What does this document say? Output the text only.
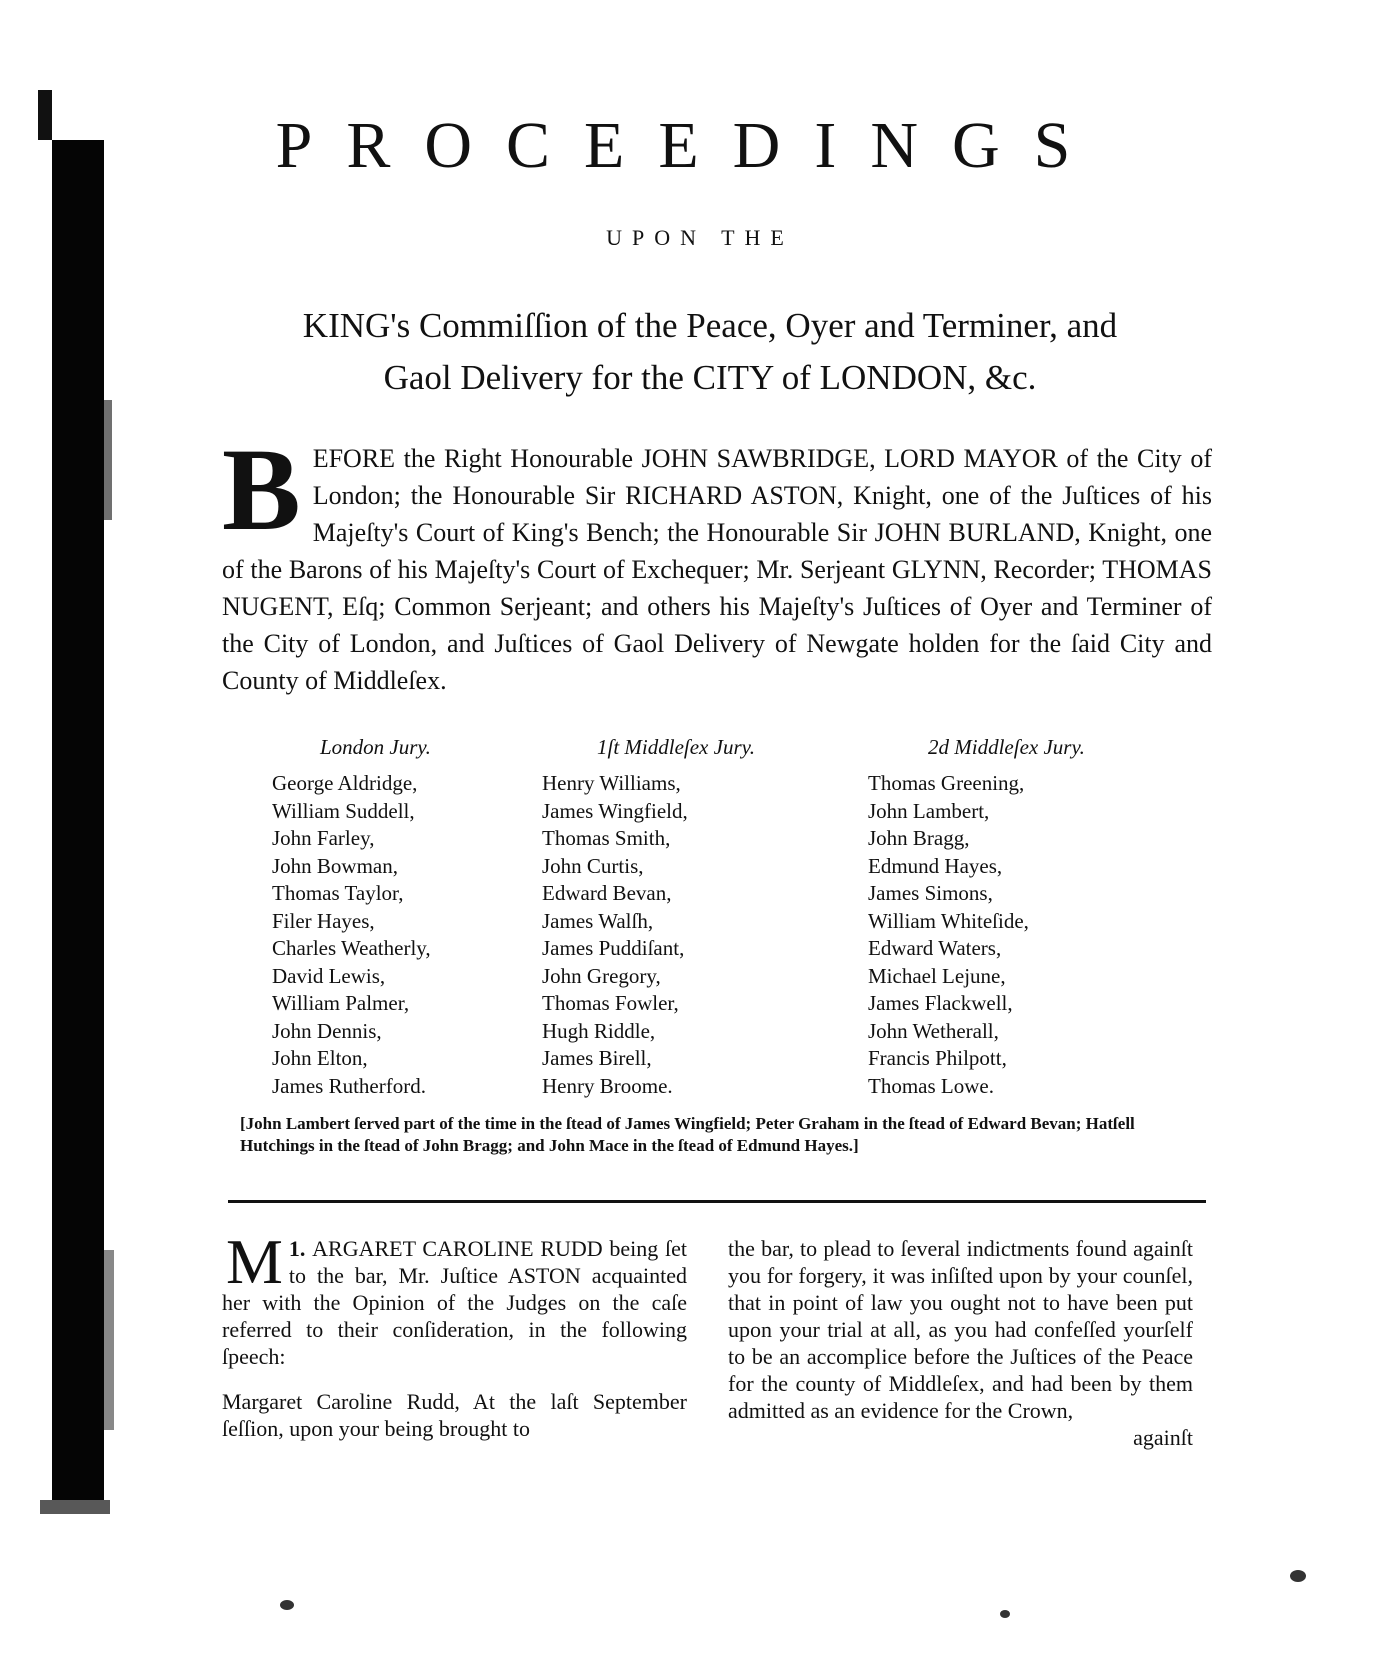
PROCEEDINGS

UPON THE

KING's Commiſſion of the Peace, Oyer and Terminer, and
Gaol Delivery for the CITY of LONDON, &c.

BEFORE the Right Honourable JOHN SAWBRIDGE, LORD MAYOR of the City of London; the Honourable Sir RICHARD ASTON, Knight, one of the Juſtices of his Majeſty's Court of King's Bench; the Honourable Sir JOHN BURLAND, Knight, one of the Barons of his Majeſty's Court of Exchequer; Mr. Serjeant GLYNN, Recorder; THOMAS NUGENT, Eſq; Common Serjeant; and others his Majeſty's Juſtices of Oyer and Terminer of the City of London, and Juſtices of Gaol Delivery of Newgate holden for the ſaid City and County of Middleſex.

London Jury.

George Aldridge,
William Suddell,
John Farley,
John Bowman,
Thomas Taylor,
Filer Hayes,
Charles Weatherly,
David Lewis,
William Palmer,
John Dennis,
John Elton,
James Rutherford.

1ſt Middleſex Jury.

Henry Williams,
James Wingfield,
Thomas Smith,
John Curtis,
Edward Bevan,
James Walſh,
James Puddiſant,
John Gregory,
Thomas Fowler,
Hugh Riddle,
James Birell,
Henry Broome.

2d Middleſex Jury.

Thomas Greening,
John Lambert,
John Bragg,
Edmund Hayes,
James Simons,
William Whiteſide,
Edward Waters,
Michael Lejune,
James Flackwell,
John Wetherall,
Francis Philpott,
Thomas Lowe.

[John Lambert ſerved part of the time in the ſtead of James Wingfield; Peter Graham in the ſtead of Edward Bevan; Hatſell Hutchings in the ſtead of John Bragg; and John Mace in the ſtead of Edmund Hayes.]

1.
M ARGARET CAROLINE RUDD being ſet to the bar, Mr. Juſtice ASTON acquainted her with the Opinion of the Judges on the caſe referred to their conſideration, in the following ſpeech:

Margaret Caroline Rudd, At the laſt September ſeſſion, upon your being brought to

the bar, to plead to ſeveral indictments found againſt you for forgery, it was inſiſted upon by your counſel, that in point of law you ought not to have been put upon your trial at all, as you had confeſſed yourſelf to be an accomplice before the Juſtices of the Peace for the county of Middleſex, and had been by them admitted as an evidence for the Crown,

againſt
